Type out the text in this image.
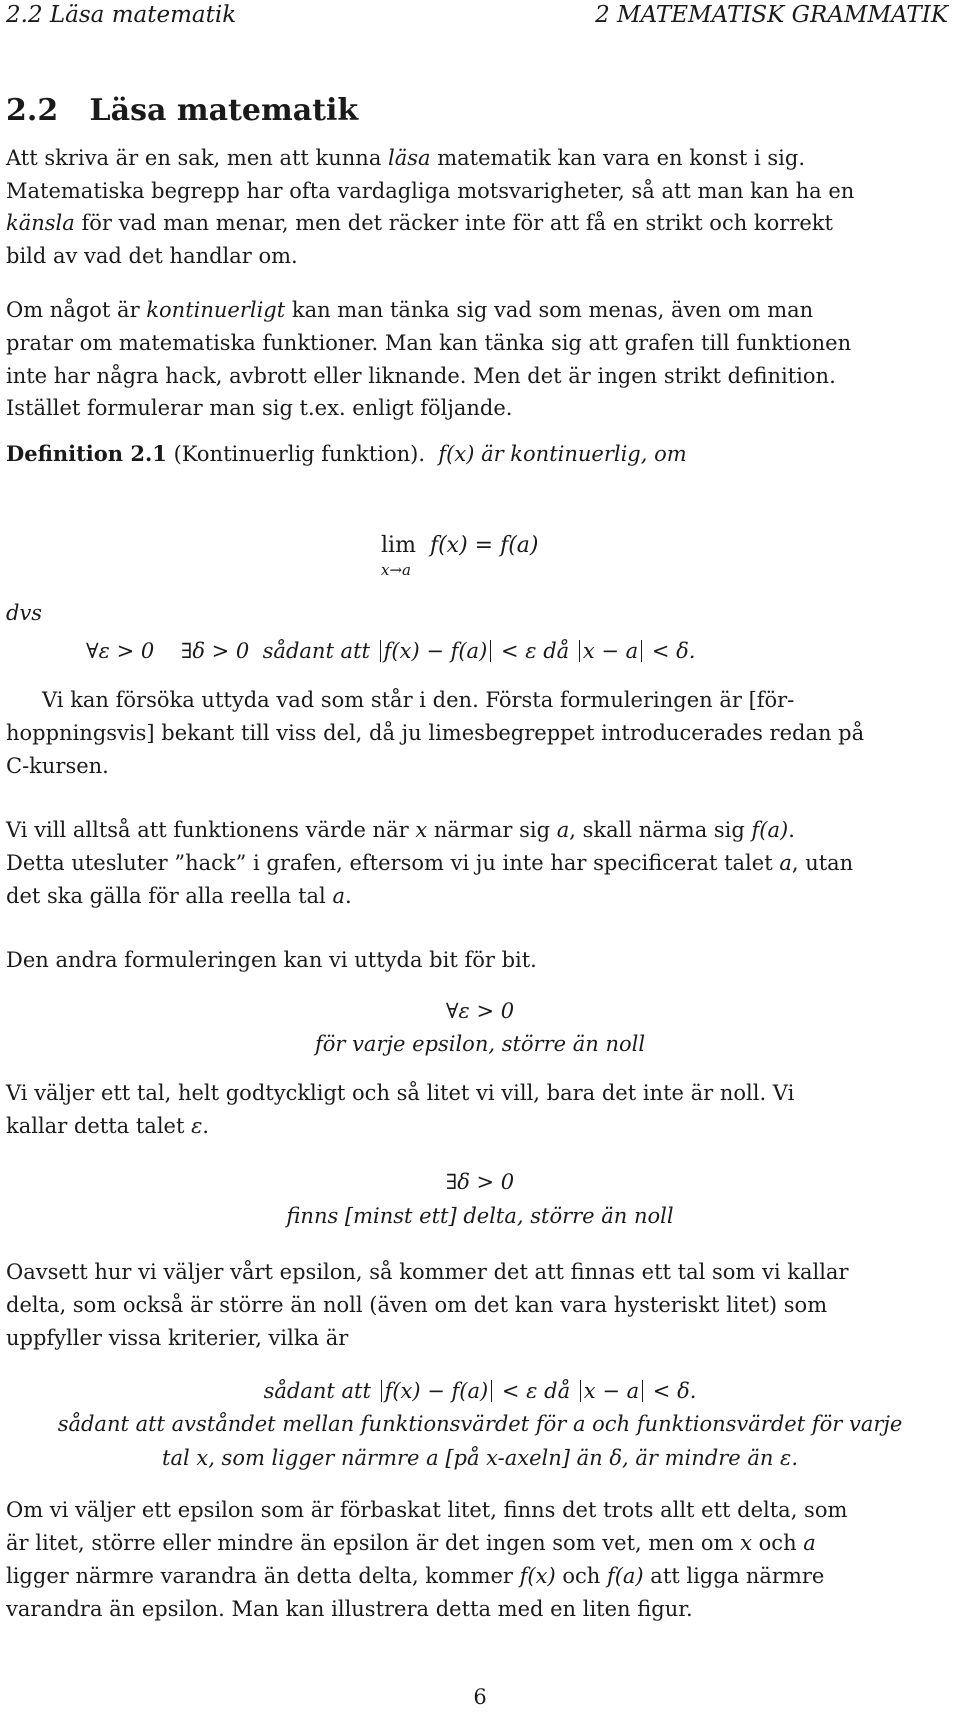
2.2 Läsa matematik	2 MATEMATISK GRAMMATIK
2.2 Läsa matematik
Att skriva är en sak, men att kunna läsa matematik kan vara en konst i sig.
Matematiska begrepp har ofta vardagliga motsvarigheter, så att man kan ha en
känsla för vad man menar, men det räcker inte för att få en strikt och korrekt
bild av vad det handlar om.
Om något är kontinuerligt kan man tänka sig vad som menas, även om man
pratar om matematiska funktioner. Man kan tänka sig att grafen till funktionen
inte har några hack, avbrott eller liknande. Men det är ingen strikt definition.
Istället formulerar man sig t.ex. enligt följande.
Definition 2.1 (Kontinuerlig funktion). f(x) är kontinuerlig, om
lim f(x) = f(a)
x→a
dvs
∀ε > 0 ∃δ > 0 sådant att f(x) − f(a) < ε då x − a < δ.
Vi kan försöka uttyda vad som står i den. Första formuleringen är [för-
hoppningsvis] bekant till viss del, då ju limesbegreppet introducerades redan på
C-kursen.
Vi vill alltså att funktionens värde när x närmar sig a, skall närma sig f(a).
Detta utesluter ”hack” i grafen, eftersom vi ju inte har specificerat talet a, utan
det ska gälla för alla reella tal a.
Den andra formuleringen kan vi uttyda bit för bit.
∀ε > 0
för varje epsilon, större än noll
Vi väljer ett tal, helt godtyckligt och så litet vi vill, bara det inte är noll. Vi
kallar detta talet ε.
∃δ > 0
finns [minst ett] delta, större än noll
Oavsett hur vi väljer vårt epsilon, så kommer det att finnas ett tal som vi kallar
delta, som också är större än noll (även om det kan vara hysteriskt litet) som
uppfyller vissa kriterier, vilka är
sådant att f(x) − f(a) < ε då x − a < δ.
sådant att avståndet mellan funktionsvärdet för a och funktionsvärdet för varje
tal x, som ligger närmre a [på x-axeln] än δ, är mindre än ε.
Om vi väljer ett epsilon som är förbaskat litet, finns det trots allt ett delta, som
är litet, större eller mindre än epsilon är det ingen som vet, men om x och a
ligger närmre varandra än detta delta, kommer f(x) och f(a) att ligga närmre
varandra än epsilon. Man kan illustrera detta med en liten figur.
6
